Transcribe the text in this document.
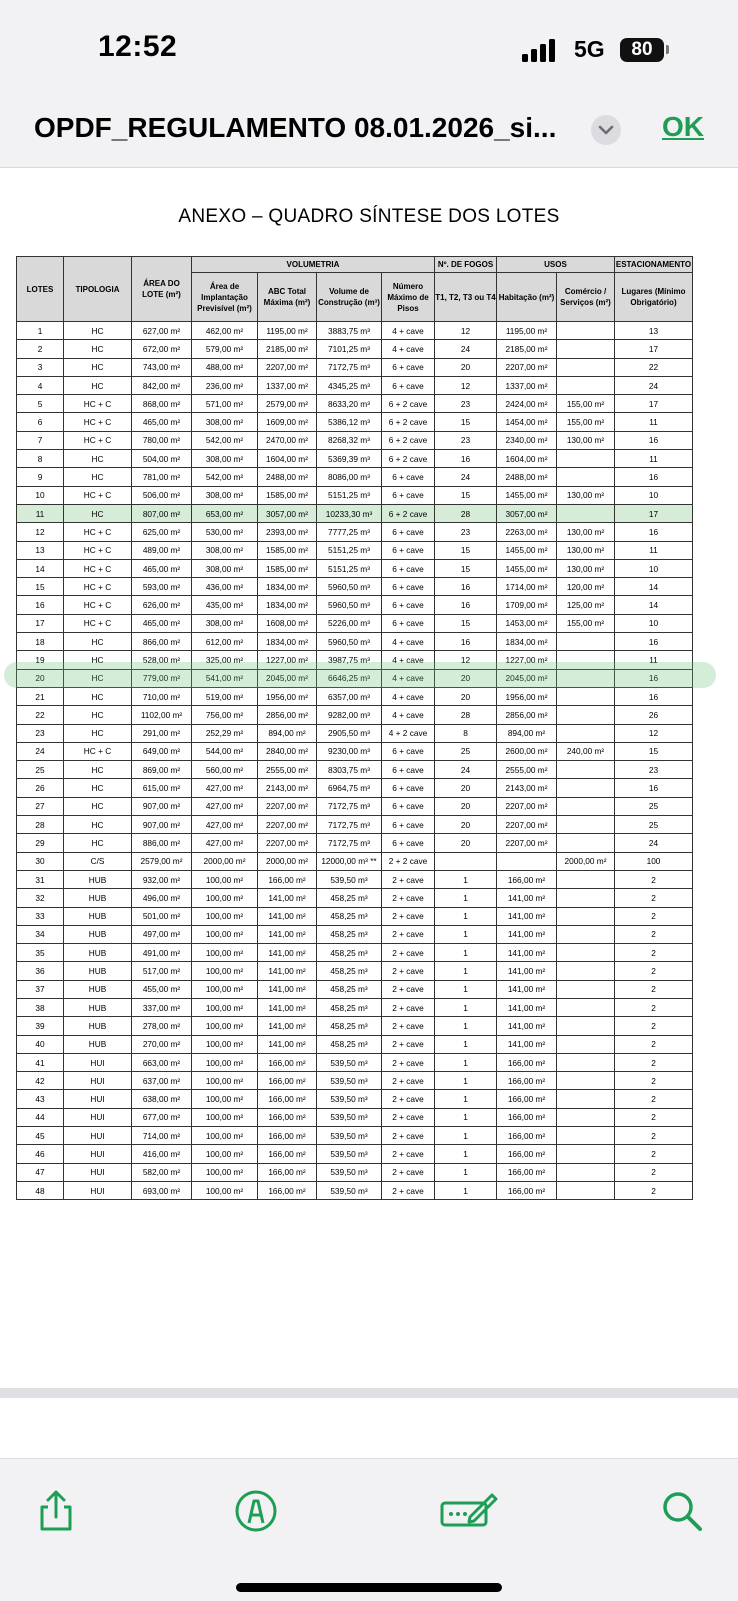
12:52	5G	80
OPDF_REGULAMENTO 08.01.2026_si...	OK
ANEXO – QUADRO SÍNTESE DOS LOTES
LOTES	TIPOLOGIA	ÁREA DO LOTE (m²)	VOLUMETRIA				Nº. DE FOGOS	USOS		ESTACIONAMENTO
			Área de Implantação Previsível (m²)	ABC Total Máxima (m²)	Volume de Construção (m³)	Número Máximo de Pisos	T1, T2, T3 ou T4	Habitação (m²)	Comércio / Serviços (m²)	Lugares (Mínimo Obrigatório)
1	HC	627,00 m²	462,00 m²	1195,00 m²	3883,75 m³	4 + cave	12	1195,00 m²		13
2	HC	672,00 m²	579,00 m²	2185,00 m²	7101,25 m³	4 + cave	24	2185,00 m²		17
3	HC	743,00 m²	488,00 m²	2207,00 m²	7172,75 m³	6 + cave	20	2207,00 m²		22
4	HC	842,00 m²	236,00 m²	1337,00 m²	4345,25 m³	6 + cave	12	1337,00 m²		24
5	HC + C	868,00 m²	571,00 m²	2579,00 m²	8633,20 m³	6 + 2 cave	23	2424,00 m²	155,00 m²	17
6	HC + C	465,00 m²	308,00 m²	1609,00 m²	5386,12 m³	6 + 2 cave	15	1454,00 m²	155,00 m²	11
7	HC + C	780,00 m²	542,00 m²	2470,00 m²	8268,32 m³	6 + 2 cave	23	2340,00 m²	130,00 m²	16
8	HC	504,00 m²	308,00 m²	1604,00 m²	5369,39 m³	6 + 2 cave	16	1604,00 m²		11
9	HC	781,00 m²	542,00 m²	2488,00 m²	8086,00 m³	6 + cave	24	2488,00 m²		16
10	HC + C	506,00 m²	308,00 m²	1585,00 m²	5151,25 m³	6 + cave	15	1455,00 m²	130,00 m²	10
11	HC	807,00 m²	653,00 m²	3057,00 m²	10233,30 m³	6 + 2 cave	28	3057,00 m²		17
12	HC + C	625,00 m²	530,00 m²	2393,00 m²	7777,25 m³	6 + cave	23	2263,00 m²	130,00 m²	16
13	HC + C	489,00 m²	308,00 m²	1585,00 m²	5151,25 m³	6 + cave	15	1455,00 m²	130,00 m²	11
14	HC + C	465,00 m²	308,00 m²	1585,00 m²	5151,25 m³	6 + cave	15	1455,00 m²	130,00 m²	10
15	HC + C	593,00 m²	436,00 m²	1834,00 m²	5960,50 m³	6 + cave	16	1714,00 m²	120,00 m²	14
16	HC + C	626,00 m²	435,00 m²	1834,00 m²	5960,50 m³	6 + cave	16	1709,00 m²	125,00 m²	14
17	HC + C	465,00 m²	308,00 m²	1608,00 m²	5226,00 m³	6 + cave	15	1453,00 m²	155,00 m²	10
18	HC	866,00 m²	612,00 m²	1834,00 m²	5960,50 m³	4 + cave	16	1834,00 m²		16
19	HC	528,00 m²	325,00 m²	1227,00 m²	3987,75 m³	4 + cave	12	1227,00 m²		11
20	HC	779,00 m²	541,00 m²	2045,00 m²	6646,25 m³	4 + cave	20	2045,00 m²		16
21	HC	710,00 m²	519,00 m²	1956,00 m²	6357,00 m³	4 + cave	20	1956,00 m²		16
22	HC	1102,00 m²	756,00 m²	2856,00 m²	9282,00 m³	4 + cave	28	2856,00 m²		26
23	HC	291,00 m²	252,29 m²	894,00 m²	2905,50 m³	4 + 2 cave	8	894,00 m²		12
24	HC + C	649,00 m²	544,00 m²	2840,00 m²	9230,00 m³	6 + cave	25	2600,00 m²	240,00 m²	15
25	HC	869,00 m²	560,00 m²	2555,00 m²	8303,75 m³	6 + cave	24	2555,00 m²		23
26	HC	615,00 m²	427,00 m²	2143,00 m²	6964,75 m³	6 + cave	20	2143,00 m²		16
27	HC	907,00 m²	427,00 m²	2207,00 m²	7172,75 m³	6 + cave	20	2207,00 m²		25
28	HC	907,00 m²	427,00 m²	2207,00 m²	7172,75 m³	6 + cave	20	2207,00 m²		25
29	HC	886,00 m²	427,00 m²	2207,00 m²	7172,75 m³	6 + cave	20	2207,00 m²		24
30	C/S	2579,00 m²	2000,00 m²	2000,00 m²	12000,00 m³ **	2 + 2 cave			2000,00 m²	100
31	HUB	932,00 m²	100,00 m²	166,00 m²	539,50 m³	2 + cave	1	166,00 m²		2
32	HUB	496,00 m²	100,00 m²	141,00 m²	458,25 m³	2 + cave	1	141,00 m²		2
33	HUB	501,00 m²	100,00 m²	141,00 m²	458,25 m³	2 + cave	1	141,00 m²		2
34	HUB	497,00 m²	100,00 m²	141,00 m²	458,25 m³	2 + cave	1	141,00 m²		2
35	HUB	491,00 m²	100,00 m²	141,00 m²	458,25 m³	2 + cave	1	141,00 m²		2
36	HUB	517,00 m²	100,00 m²	141,00 m²	458,25 m³	2 + cave	1	141,00 m²		2
37	HUB	455,00 m²	100,00 m²	141,00 m²	458,25 m³	2 + cave	1	141,00 m²		2
38	HUB	337,00 m²	100,00 m²	141,00 m²	458,25 m³	2 + cave	1	141,00 m²		2
39	HUB	278,00 m²	100,00 m²	141,00 m²	458,25 m³	2 + cave	1	141,00 m²		2
40	HUB	270,00 m²	100,00 m²	141,00 m²	458,25 m³	2 + cave	1	141,00 m²		2
41	HUI	663,00 m²	100,00 m²	166,00 m²	539,50 m³	2 + cave	1	166,00 m²		2
42	HUI	637,00 m²	100,00 m²	166,00 m²	539,50 m³	2 + cave	1	166,00 m²		2
43	HUI	638,00 m²	100,00 m²	166,00 m²	539,50 m³	2 + cave	1	166,00 m²		2
44	HUI	677,00 m²	100,00 m²	166,00 m²	539,50 m³	2 + cave	1	166,00 m²		2
45	HUI	714,00 m²	100,00 m²	166,00 m²	539,50 m³	2 + cave	1	166,00 m²		2
46	HUI	416,00 m²	100,00 m²	166,00 m²	539,50 m³	2 + cave	1	166,00 m²		2
47	HUI	582,00 m²	100,00 m²	166,00 m²	539,50 m³	2 + cave	1	166,00 m²		2
48	HUI	693,00 m²	100,00 m²	166,00 m²	539,50 m³	2 + cave	1	166,00 m²		2
